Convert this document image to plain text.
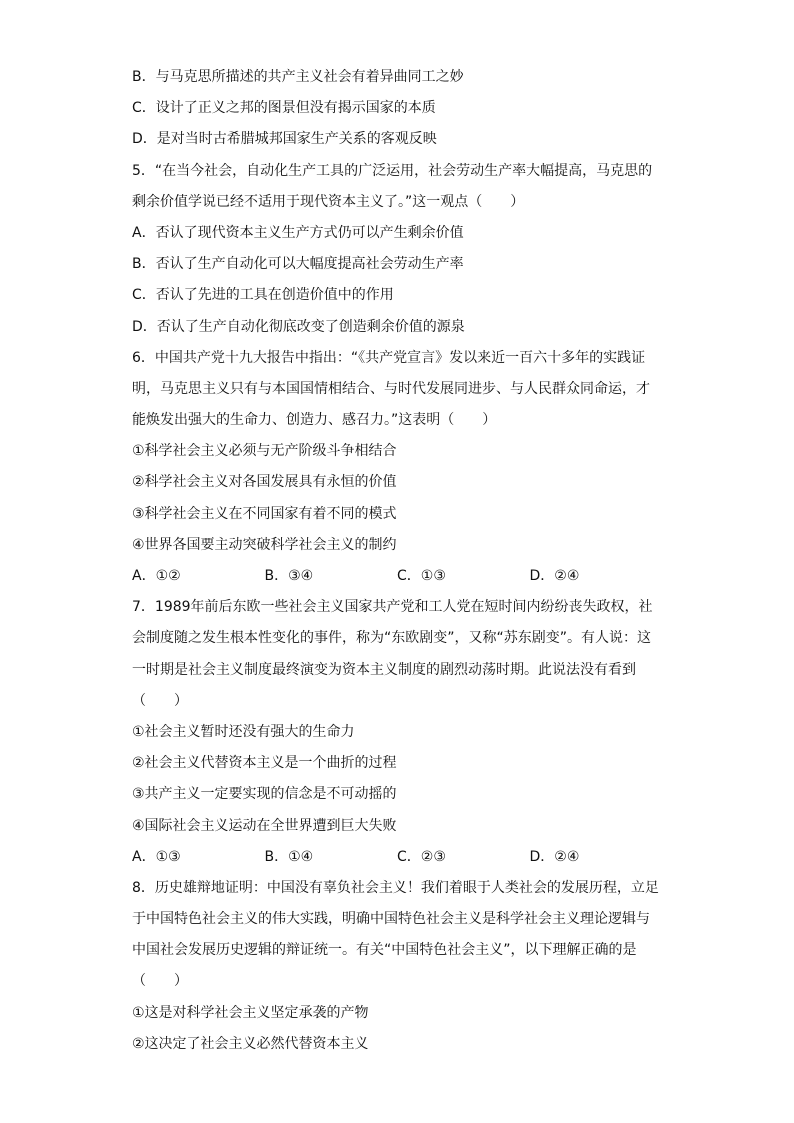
B．与马克思所描述的共产主义社会有着异曲同工之妙
C．设计了正义之邦的图景但没有揭示国家的本质
D．是对当时古希腊城邦国家生产关系的客观反映
5．“在当今社会，自动化生产工具的广泛运用，社会劳动生产率大幅提高，马克思的
剩余价值学说已经不适用于现代资本主义了。”这一观点（　　）
A．否认了现代资本主义生产方式仍可以产生剩余价值
B．否认了生产自动化可以大幅度提高社会劳动生产率
C．否认了先进的工具在创造价值中的作用
D．否认了生产自动化彻底改变了创造剩余价值的源泉
6．中国共产党十九大报告中指出：“《共产党宣言》发以来近一百六十多年的实践证
明，马克思主义只有与本国国情相结合、与时代发展同进步、与人民群众同命运，才
能焕发出强大的生命力、创造力、感召力。”这表明（　　）
①科学社会主义必须与无产阶级斗争相结合
②科学社会主义对各国发展具有永恒的价值
③科学社会主义在不同国家有着不同的模式
④世界各国要主动突破科学社会主义的制约
A．①②	B．③④	C．①③	D．②④
7．1989年前后东欧一些社会主义国家共产党和工人党在短时间内纷纷丧失政权，社
会制度随之发生根本性变化的事件，称为“东欧剧变”，又称“苏东剧变”。有人说：这
一时期是社会主义制度最终演变为资本主义制度的剧烈动荡时期。此说法没有看到
（　　）
①社会主义暂时还没有强大的生命力
②社会主义代替资本主义是一个曲折的过程
③共产主义一定要实现的信念是不可动摇的
④国际社会主义运动在全世界遭到巨大失败
A．①③	B．①④	C．②③	D．②④
8．历史雄辩地证明：中国没有辜负社会主义！我们着眼于人类社会的发展历程，立足
于中国特色社会主义的伟大实践，明确中国特色社会主义是科学社会主义理论逻辑与
中国社会发展历史逻辑的辩证统一。有关“中国特色社会主义”，以下理解正确的是
（　　）
①这是对科学社会主义坚定承袭的产物
②这决定了社会主义必然代替资本主义
